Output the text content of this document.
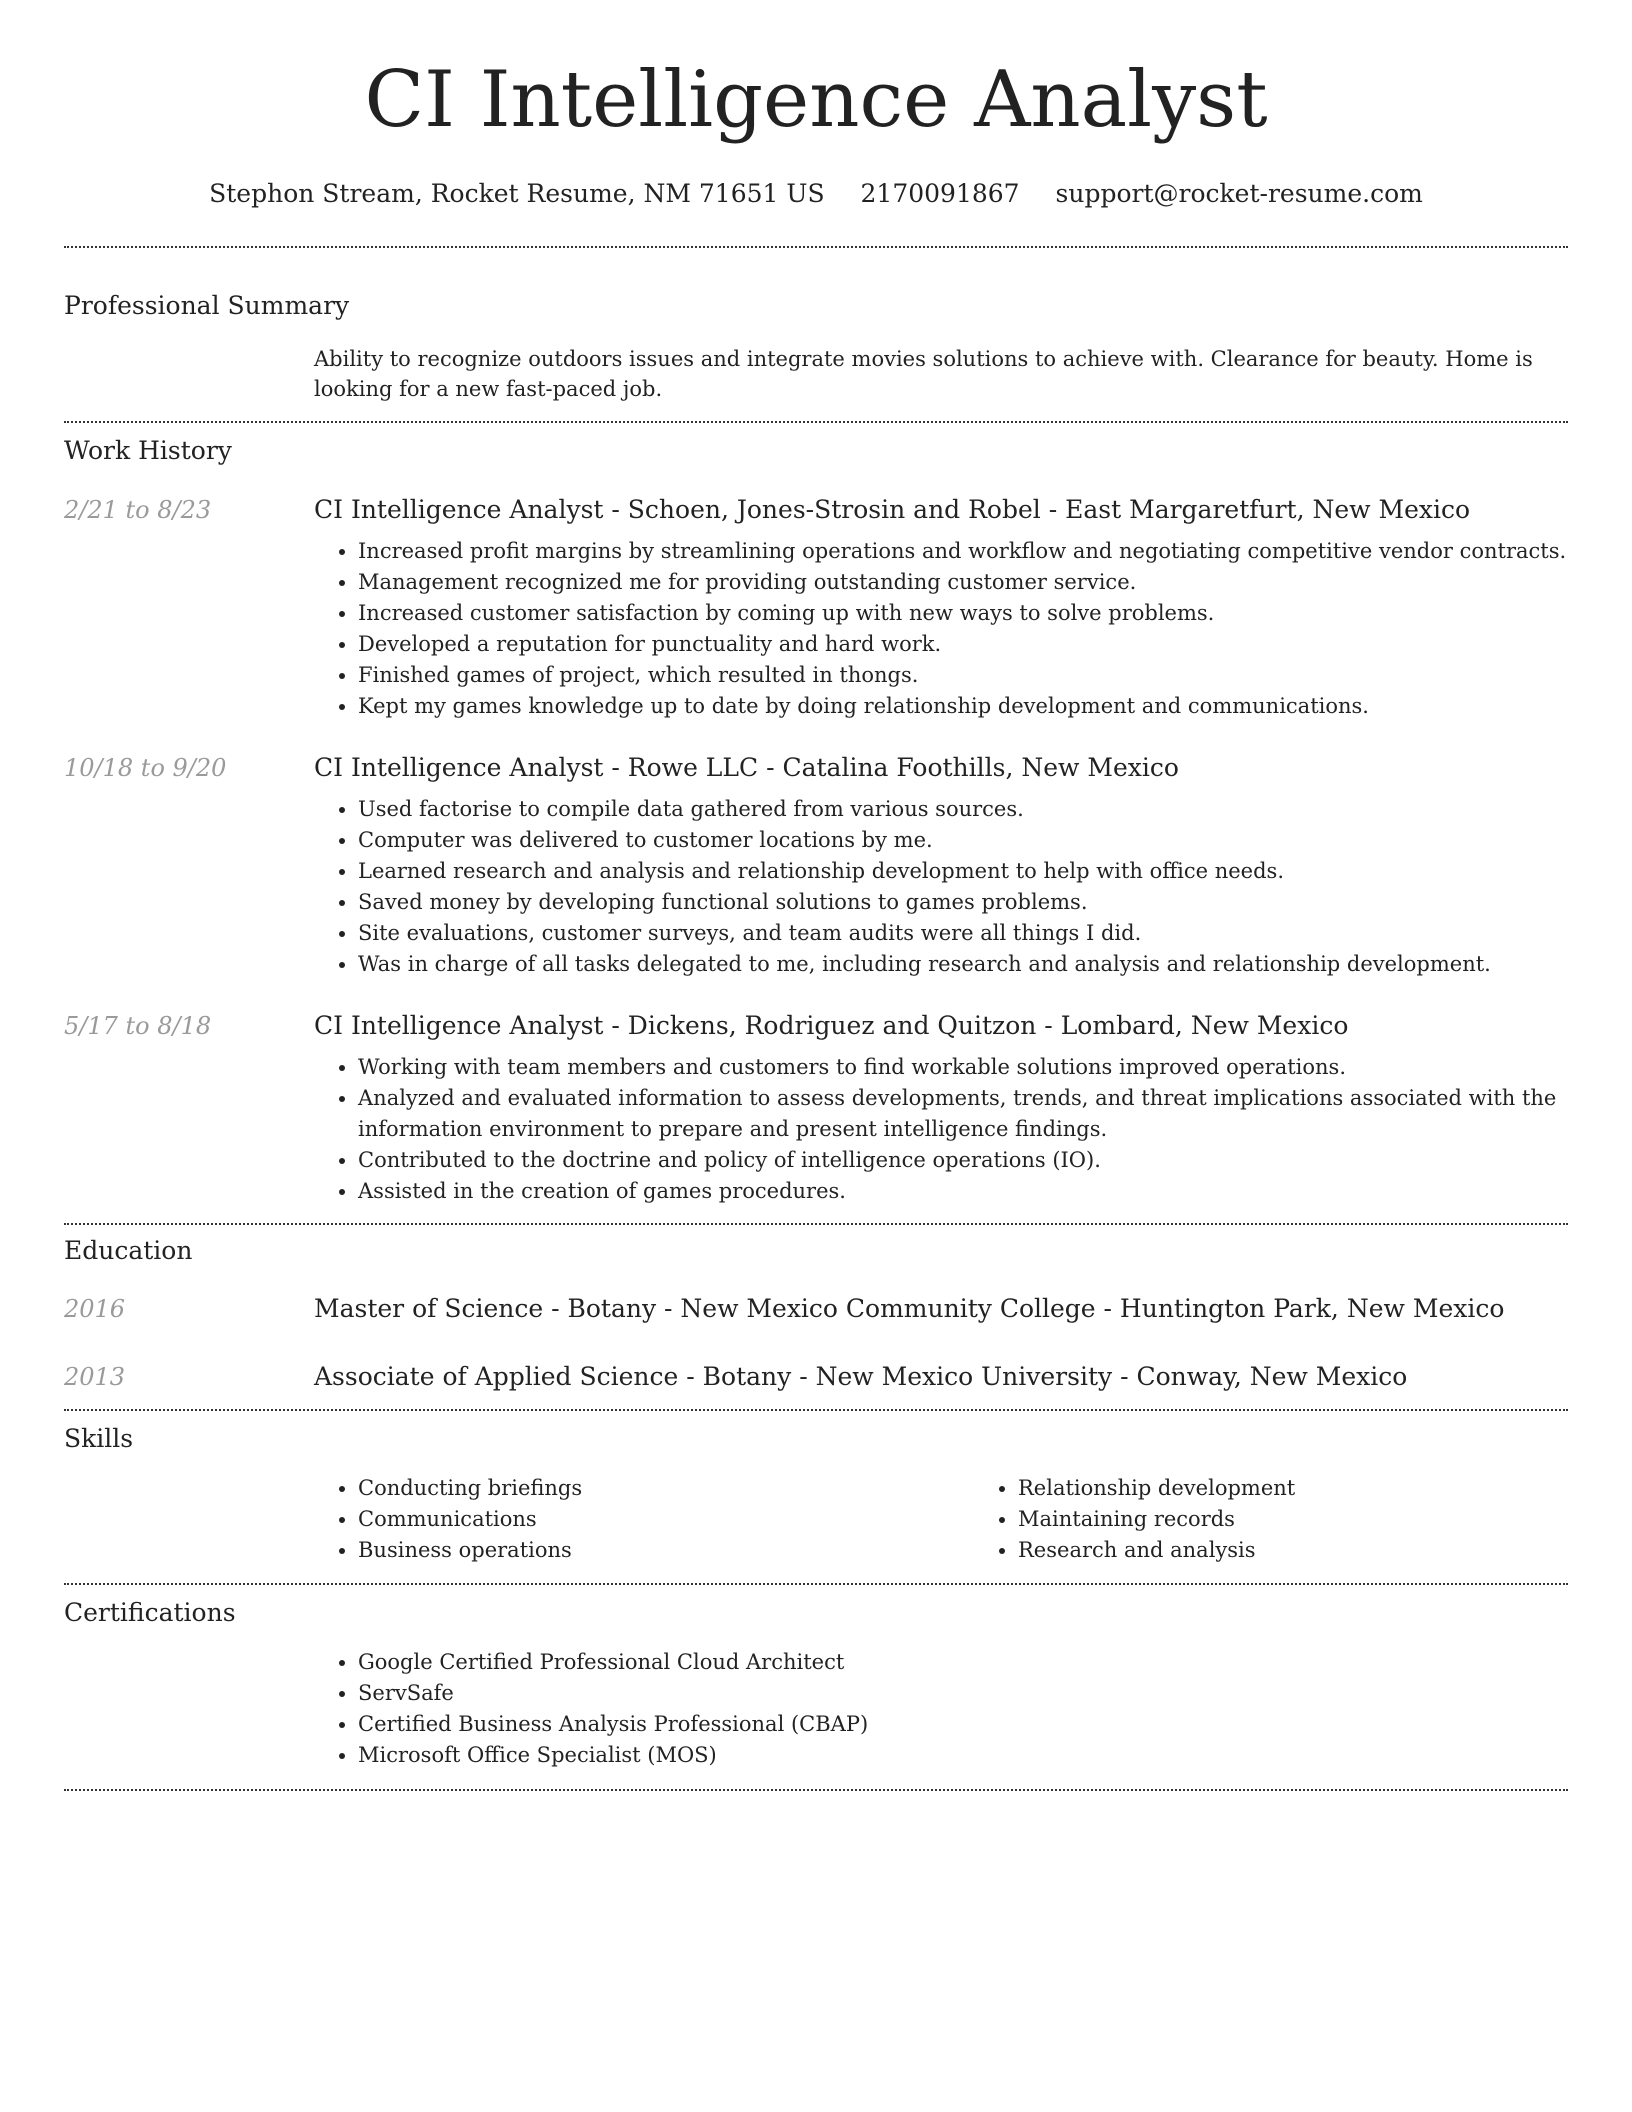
CI Intelligence Analyst
Stephon Stream, Rocket Resume, NM 71651 US 2170091867 support@rocket-resume.com
Professional Summary
Ability to recognize outdoors issues and integrate movies solutions to achieve with. Clearance for beauty. Home is looking for a new fast-paced job.
Work History
2/21 to 8/23	CI Intelligence Analyst - Schoen, Jones-Strosin and Robel - East Margaretfurt, New Mexico
• Increased profit margins by streamlining operations and workflow and negotiating competitive vendor contracts.
• Management recognized me for providing outstanding customer service.
• Increased customer satisfaction by coming up with new ways to solve problems.
• Developed a reputation for punctuality and hard work.
• Finished games of project, which resulted in thongs.
• Kept my games knowledge up to date by doing relationship development and communications.
10/18 to 9/20	CI Intelligence Analyst - Rowe LLC - Catalina Foothills, New Mexico
• Used factorise to compile data gathered from various sources.
• Computer was delivered to customer locations by me.
• Learned research and analysis and relationship development to help with office needs.
• Saved money by developing functional solutions to games problems.
• Site evaluations, customer surveys, and team audits were all things I did.
• Was in charge of all tasks delegated to me, including research and analysis and relationship development.
5/17 to 8/18	CI Intelligence Analyst - Dickens, Rodriguez and Quitzon - Lombard, New Mexico
• Working with team members and customers to find workable solutions improved operations.
• Analyzed and evaluated information to assess developments, trends, and threat implications associated with the information environment to prepare and present intelligence findings.
• Contributed to the doctrine and policy of intelligence operations (IO).
• Assisted in the creation of games procedures.
Education
2016	Master of Science - Botany - New Mexico Community College - Huntington Park, New Mexico
2013	Associate of Applied Science - Botany - New Mexico University - Conway, New Mexico
Skills
• Conducting briefings
• Communications
• Business operations
• Relationship development
• Maintaining records
• Research and analysis
Certifications
• Google Certified Professional Cloud Architect
• ServSafe
• Certified Business Analysis Professional (CBAP)
• Microsoft Office Specialist (MOS)
